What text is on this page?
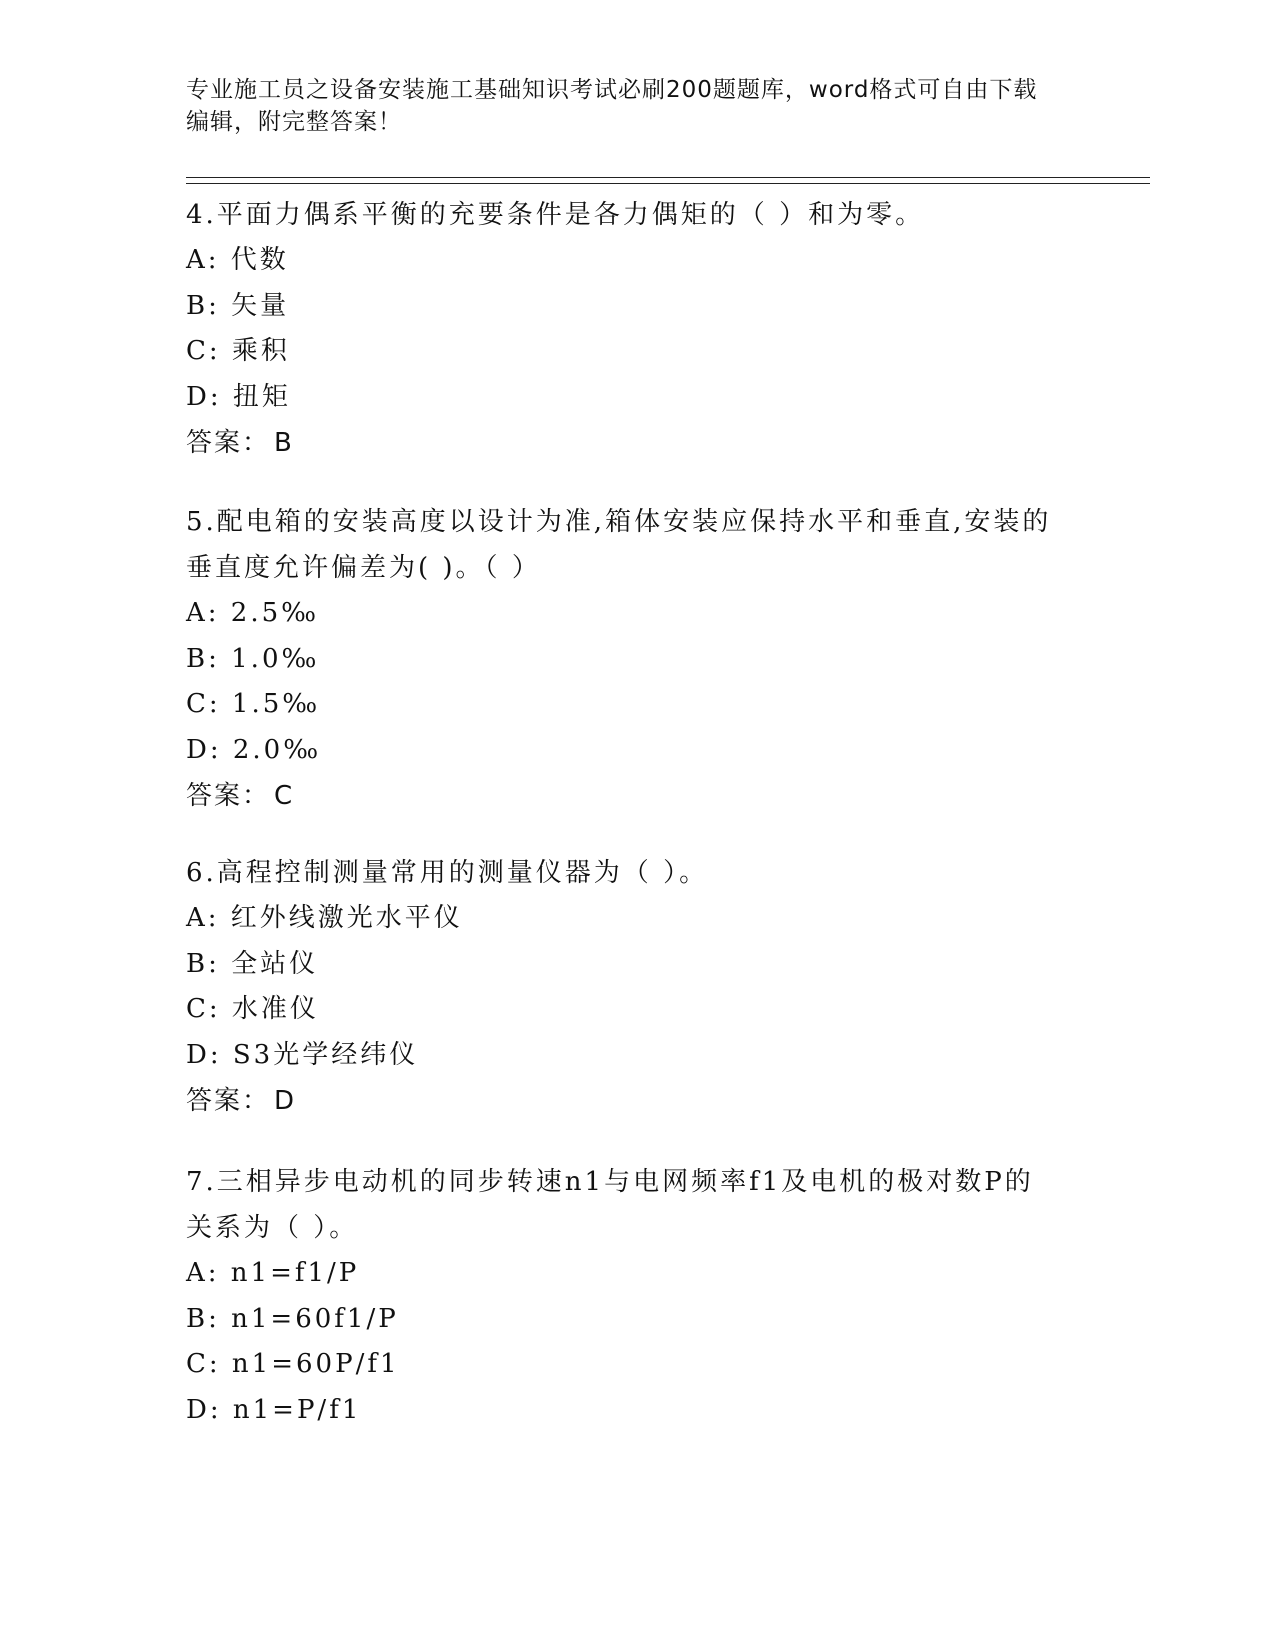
专业施工员之设备安装施工基础知识考试必刷200题题库，word格式可自由下载
编辑，附完整答案！

4.平面力偶系平衡的充要条件是各力偶矩的（ ）和为零。

A: 代数

B: 矢量

C: 乘积

D: 扭矩

答案： B

5.配电箱的安装高度以设计为准,箱体安装应保持水平和垂直,安装的

垂直度允许偏差为( )。（ ）

A: 2.5‰

B: 1.0‰

C: 1.5‰

D: 2.0‰

答案： C

6.高程控制测量常用的测量仪器为（ ）。

A: 红外线激光水平仪

B: 全站仪

C: 水准仪

D: S3光学经纬仪

答案： D

7.三相异步电动机的同步转速n1与电网频率f1及电机的极对数P的

关系为（ ）。

A: n1=f1/P

B: n1=60f1/P

C: n1=60P/f1

D: n1=P/f1
